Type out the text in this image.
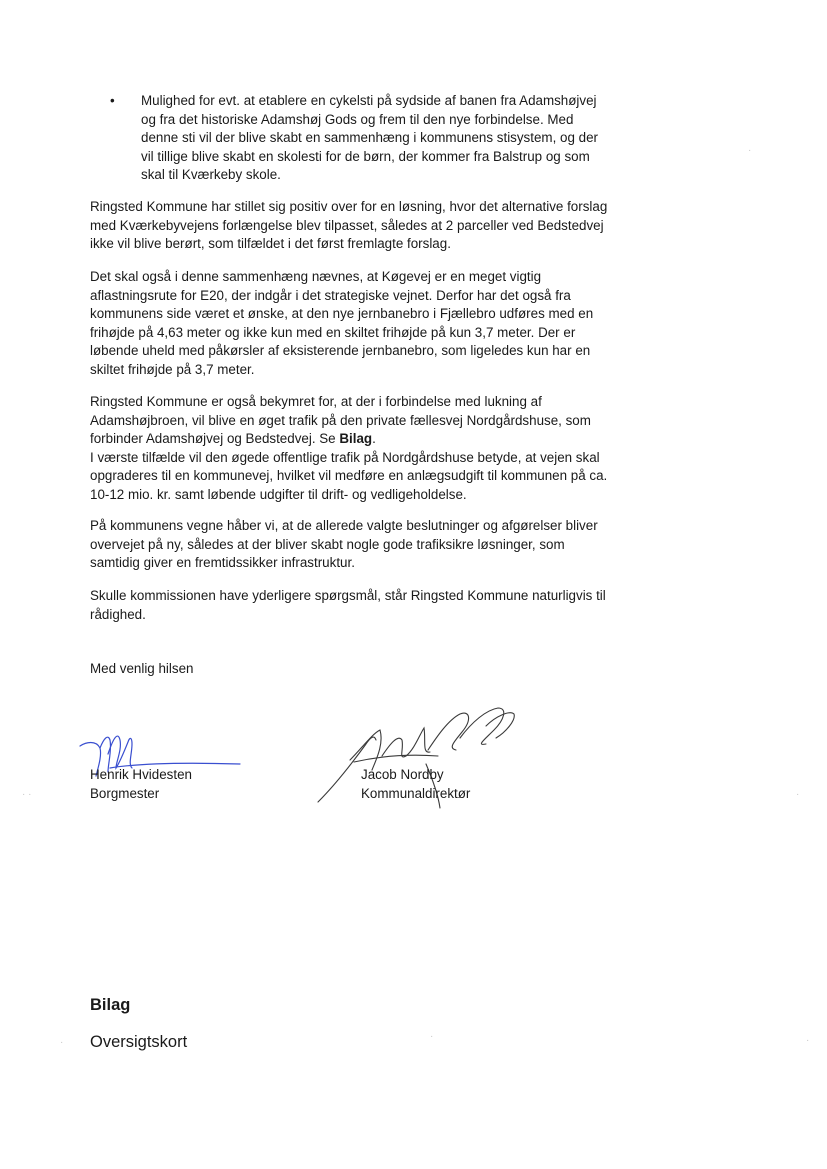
• Mulighed for evt. at etablere en cykelsti på sydside af banen fra Adamshøjvej og fra det historiske Adamshøj Gods og frem til den nye forbindelse. Med denne sti vil der blive skabt en sammenhæng i kommunens stisystem, og der vil tillige blive skabt en skolesti for de børn, der kommer fra Balstrup og som skal til Kværkeby skole.

Ringsted Kommune har stillet sig positiv over for en løsning, hvor det alternative forslag med Kværkebyvejens forlængelse blev tilpasset, således at 2 parceller ved Bedstedvej ikke vil blive berørt, som tilfældet i det først fremlagte forslag.

Det skal også i denne sammenhæng nævnes, at Køgevej er en meget vigtig aflastningsrute for E20, der indgår i det strategiske vejnet. Derfor har det også fra kommunens side været et ønske, at den nye jernbanebro i Fjællebro udføres med en frihøjde på 4,63 meter og ikke kun med en skiltet frihøjde på kun 3,7 meter. Der er løbende uheld med påkørsler af eksisterende jernbanebro, som ligeledes kun har en skiltet frihøjde på 3,7 meter.

Ringsted Kommune er også bekymret for, at der i forbindelse med lukning af Adamshøjbroen, vil blive en øget trafik på den private fællesvej Nordgårdshuse, som forbinder Adamshøjvej og Bedstedvej. Se Bilag.
I værste tilfælde vil den øgede offentlige trafik på Nordgårdshuse betyde, at vejen skal opgraderes til en kommunevej, hvilket vil medføre en anlægsudgift til kommunen på ca. 10-12 mio. kr. samt løbende udgifter til drift- og vedligeholdelse.

På kommunens vegne håber vi, at de allerede valgte beslutninger og afgørelser bliver overvejet på ny, således at der bliver skabt nogle gode trafiksikre løsninger, som samtidig giver en fremtidssikker infrastruktur.

Skulle kommissionen have yderligere spørgsmål, står Ringsted Kommune naturligvis til rådighed.

Med venlig hilsen

Henrik Hvidesten
Borgmester
Jacob Nordby
Kommunaldirektør
Bilag
Oversigtskort
·
· ·	·
·
·	·
